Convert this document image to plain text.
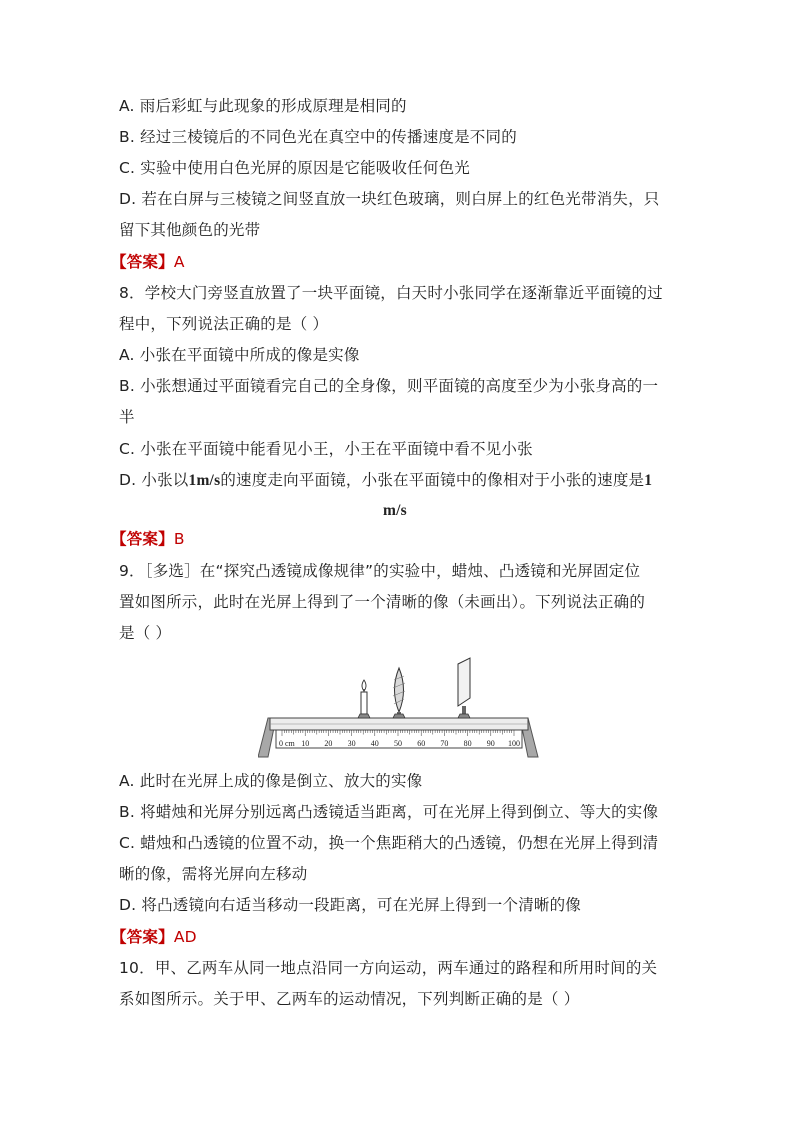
A. 雨后彩虹与此现象的形成原理是相同的
B. 经过三棱镜后的不同色光在真空中的传播速度是不同的
C. 实验中使用白色光屏的原因是它能吸收任何色光
D. 若在白屏与三棱镜之间竖直放一块红色玻璃，则白屏上的红色光带消失，只
留下其他颜色的光带
【答案】A
8．学校大门旁竖直放置了一块平面镜，白天时小张同学在逐渐靠近平面镜的过
程中，下列说法正确的是（ ）
A. 小张在平面镜中所成的像是实像
B. 小张想通过平面镜看完自己的全身像，则平面镜的高度至少为小张身高的一
半
C. 小张在平面镜中能看见小王，小王在平面镜中看不见小张
D. 小张以1m/s的速度走向平面镜，小张在平面镜中的像相对于小张的速度是1
m/s
【答案】B
9．［多选］在“探究凸透镜成像规律”的实验中，蜡烛、凸透镜和光屏固定位
置如图所示，此时在光屏上得到了一个清晰的像（未画出）。下列说法正确的
是（ ）
0 cm 10 20 30 40 50 60 70 80 90 100
A. 此时在光屏上成的像是倒立、放大的实像
B. 将蜡烛和光屏分别远离凸透镜适当距离，可在光屏上得到倒立、等大的实像
C. 蜡烛和凸透镜的位置不动，换一个焦距稍大的凸透镜，仍想在光屏上得到清
晰的像，需将光屏向左移动
D. 将凸透镜向右适当移动一段距离，可在光屏上得到一个清晰的像
【答案】AD
10．甲、乙两车从同一地点沿同一方向运动，两车通过的路程和所用时间的关
系如图所示。关于甲、乙两车的运动情况，下列判断正确的是（ ）
